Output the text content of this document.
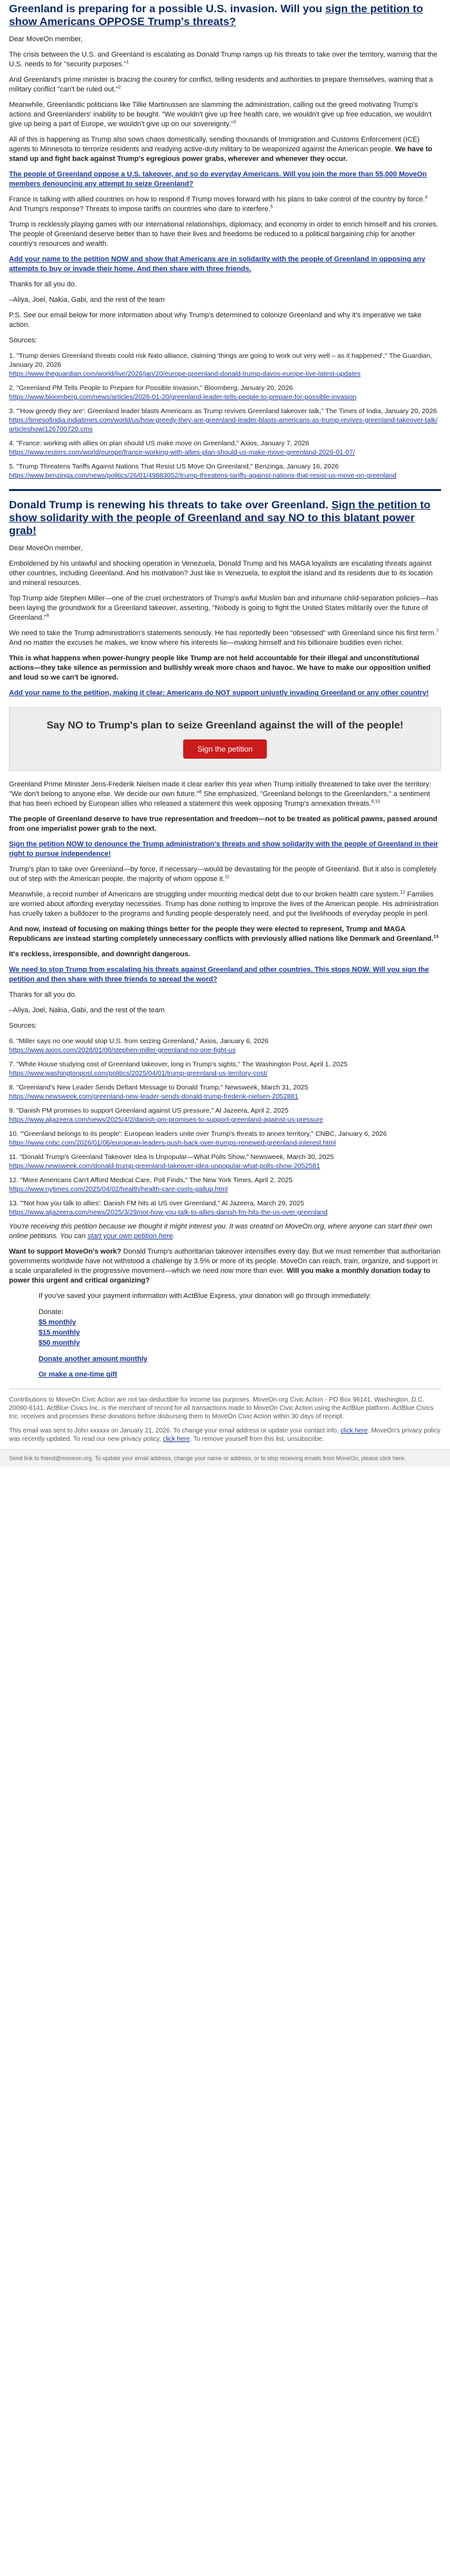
Greenland is preparing for a possible U.S. invasion. Will you sign the petition to show Americans OPPOSE Trump's threats?

Dear MoveOn member,

The crisis between the U.S. and Greenland is escalating as Donald Trump ramps up his threats to take over the territory, warning that the U.S. needs to for "security purposes."$^1$

And Greenland's prime minister is bracing the country for conflict, telling residents and authorities to prepare themselves, warning that a military conflict "can't be ruled out."$^2$

Meanwhile, Greenlandic politicians like Tillie Martinussen are slamming the administration, calling out the greed motivating Trump's actions and Greenlanders' inability to be bought. "We wouldn't give up free health care, we wouldn't give up free education, we wouldn't give up being a part of Europe, we wouldn't give up on our sovereignty."$^3$

All of this is happening as Trump also sows chaos domestically, sending thousands of Immigration and Customs Enforcement (ICE) agents to Minnesota to terrorize residents and readying active-duty military to be weaponized against the American people. We have to stand up and fight back against Trump's egregious power grabs, wherever and whenever they occur.

The people of Greenland oppose a U.S. takeover, and so do everyday Americans. Will you join the more than 55,000 MoveOn members denouncing any attempt to seize Greenland?

France is talking with allied countries on how to respond if Trump moves forward with his plans to take control of the country by force.$^4$ And Trump's response? Threats to impose tariffs on countries who dare to interfere.$^5$

Trump is recklessly playing games with our international relationships, diplomacy, and economy in order to enrich himself and his cronies. The people of Greenland deserve better than to have their lives and freedoms be reduced to a political bargaining chip for another country's resources and wealth.

Add your name to the petition NOW and show that Americans are in solidarity with the people of Greenland in opposing any attempts to buy or invade their home. And then share with three friends.

Thanks for all you do.

–Aliya, Joel, Nakia, Gabi, and the rest of the team

P.S. See our email below for more information about why Trump's determined to colonize Greenland and why it's imperative we take action.

Sources:

1. "Trump denies Greenland threats could risk Nato alliance, claiming 'things are going to work out very well – as it happened'," The Guardian, January 20, 2026
https://www.theguardian.com/world/live/2026/jan/20/europe-greenland-donald-trump-davos-europe-live-latest-updates

2. "Greenland PM Tells People to Prepare for Possible Invasion," Bloomberg, January 20, 2026
https://www.bloomberg.com/news/articles/2026-01-20/greenland-leader-tells-people-to-prepare-for-possible-invasion

3. "'How greedy they are': Greenland leader blasts Americans as Trump revives Greenland takeover talk," The Times of India, January 20, 2026
https://timesofindia.indiatimes.com/world/us/how-greedy-they-are-greenland-leader-blasts-americans-as-trump-revives-greenland-takeover-talk/articleshow/126700720.cms

4. "France: working with allies on plan should US make move on Greenland," Axios, January 7, 2026
https://www.reuters.com/world/europe/france-working-with-allies-plan-should-us-make-move-greenland-2026-01-07/

5. "Trump Threatens Tariffs Against Nations That Resist US Move On Greenland," Benzinga, January 16, 2026
https://www.benzinga.com/news/politics/26/01/49883052/trump-threatens-tariffs-against-nations-that-resist-us-move-on-greenland

Donald Trump is renewing his threats to take over Greenland. Sign the petition to show solidarity with the people of Greenland and say NO to this blatant power grab!

Dear MoveOn member,

Emboldened by his unlawful and shocking operation in Venezuela, Donald Trump and his MAGA loyalists are escalating threats against other countries, including Greenland. And his motivation? Just like in Venezuela, to exploit the island and its residents due to its location and mineral resources.

Top Trump aide Stephen Miller—one of the cruel orchestrators of Trump's awful Muslim ban and inhumane child-separation policies—has been laying the groundwork for a Greenland takeover, asserting, "Nobody is going to fight the United States militarily over the future of Greenland."$^6$

We need to take the Trump administration's statements seriously. He has reportedly been "obsessed" with Greenland since his first term.$^7$ And no matter the excuses he makes, we know where his interests lie—making himself and his billionaire buddies even richer.

This is what happens when power-hungry people like Trump are not held accountable for their illegal and unconstitutional actions—they take silence as permission and bullishly wreak more chaos and havoc. We have to make our opposition unified and loud so we can't be ignored.

Add your name to the petition, making it clear: Americans do NOT support unjustly invading Greenland or any other country!

Say NO to Trump's plan to seize Greenland against the will of the people!
Sign the petition

Greenland Prime Minister Jens-Frederik Nielsen made it clear earlier this year when Trump initially threatened to take over the territory: "We don't belong to anyone else. We decide our own future."$^8$ She emphasized, "Greenland belongs to the Greenlanders," a sentiment that has been echoed by European allies who released a statement this week opposing Trump's annexation threats.$^{9,10}$

The people of Greenland deserve to have true representation and freedom—not to be treated as political pawns, passed around from one imperialist power grab to the next.

Sign the petition NOW to denounce the Trump administration's threats and show solidarity with the people of Greenland in their right to pursue independence!

Trump's plan to take over Greenland—by force, if necessary—would be devastating for the people of Greenland. But it also is completely out of step with the American people, the majority of whom oppose it.$^{11}$

Meanwhile, a record number of Americans are struggling under mounting medical debt due to our broken health care system.$^{12}$ Families are worried about affording everyday necessities. Trump has done nothing to improve the lives of the American people. His administration has cruelly taken a bulldozer to the programs and funding people desperately need, and put the livelihoods of everyday people in peril.

And now, instead of focusing on making things better for the people they were elected to represent, Trump and MAGA Republicans are instead starting completely unnecessary conflicts with previously allied nations like Denmark and Greenland.$^{13}$

It's reckless, irresponsible, and downright dangerous.

We need to stop Trump from escalating his threats against Greenland and other countries. This stops NOW. Will you sign the petition and then share with three friends to spread the word?

Thanks for all you do.

–Aliya, Joel, Nakia, Gabi, and the rest of the team

Sources:

6. "Miller says no one would stop U.S. from seizing Greenland," Axios, January 6, 2026
https://www.axios.com/2026/01/06/stephen-miller-greenland-no-one-fight-us

7. "White House studying cost of Greenland takeover, long in Trump's sights," The Washington Post, April 1, 2025
https://www.washingtonpost.com/politics/2025/04/01/trump-greenland-us-territory-cost/

8. "Greenland's New Leader Sends Defiant Message to Donald Trump," Newsweek, March 31, 2025
https://www.newsweek.com/greenland-new-leader-sends-donald-trump-frederik-nielsen-2052881

9. "Danish PM promises to support Greenland against US pressure," Al Jazeera, April 2, 2025
https://www.aljazeera.com/news/2025/4/2/danish-pm-promises-to-support-greenland-against-us-pressure

10. "'Greenland belongs to its people': European leaders unite over Trump's threats to annex territory," CNBC, January 6, 2026
https://www.cnbc.com/2026/01/06/european-leaders-push-back-over-trumps-renewed-greenland-interest.html

11. "Donald Trump's Greenland Takeover Idea Is Unpopular—What Polls Show," Newsweek, March 30, 2025
https://www.newsweek.com/donald-trump-greenland-takeover-idea-unpopular-what-polls-show-2052581

12. "More Americans Can't Afford Medical Care, Poll Finds," The New York Times, April 2, 2025
https://www.nytimes.com/2025/04/02/health/health-care-costs-gallup.html

13. "'Not how you talk to allies': Danish FM hits at US over Greenland," Al Jazeera, March 29, 2025
https://www.aljazeera.com/news/2025/3/29/not-how-you-talk-to-allies-danish-fm-hits-the-us-over-greenland

You're receiving this petition because we thought it might interest you. It was created on MoveOn.org, where anyone can start their own online petitions. You can start your own petition here.

Want to support MoveOn's work? Donald Trump's authoritarian takeover intensifies every day. But we must remember that authoritarian governments worldwide have not withstood a challenge by 3.5% or more of its people. MoveOn can reach, train, organize, and support in a scale unparalleled in the progressive movement—which we need now more than ever. Will you make a monthly donation today to power this urgent and critical organizing?

If you've saved your payment information with ActBlue Express, your donation will go through immediately:

Donate:
$5 monthly
$15 monthly
$50 monthly

Donate another amount monthly

Or make a one-time gift

Contributions to MoveOn Civic Action are not tax-deductible for income tax purposes. MoveOn.org Civic Action - PO Box 96141, Washington, D.C. 20090-6141. ActBlue Civics Inc. is the merchant of record for all transactions made to MoveOn Civic Action using the ActBlue platform. ActBlue Civics Inc. receives and processes these donations before disbursing them to MoveOn Civic Action within 30 days of receipt.

This email was sent to John xxxxxx on January 21, 2026. To change your email address or update your contact info, click here. MoveOn's privacy policy was recently updated. To read our new privacy policy, click here. To remove yourself from this list, unsubscribe.

Send link to friend@moveon.org. To update your email address, change your name or address, or to stop receiving emails from MoveOn, please click here.
